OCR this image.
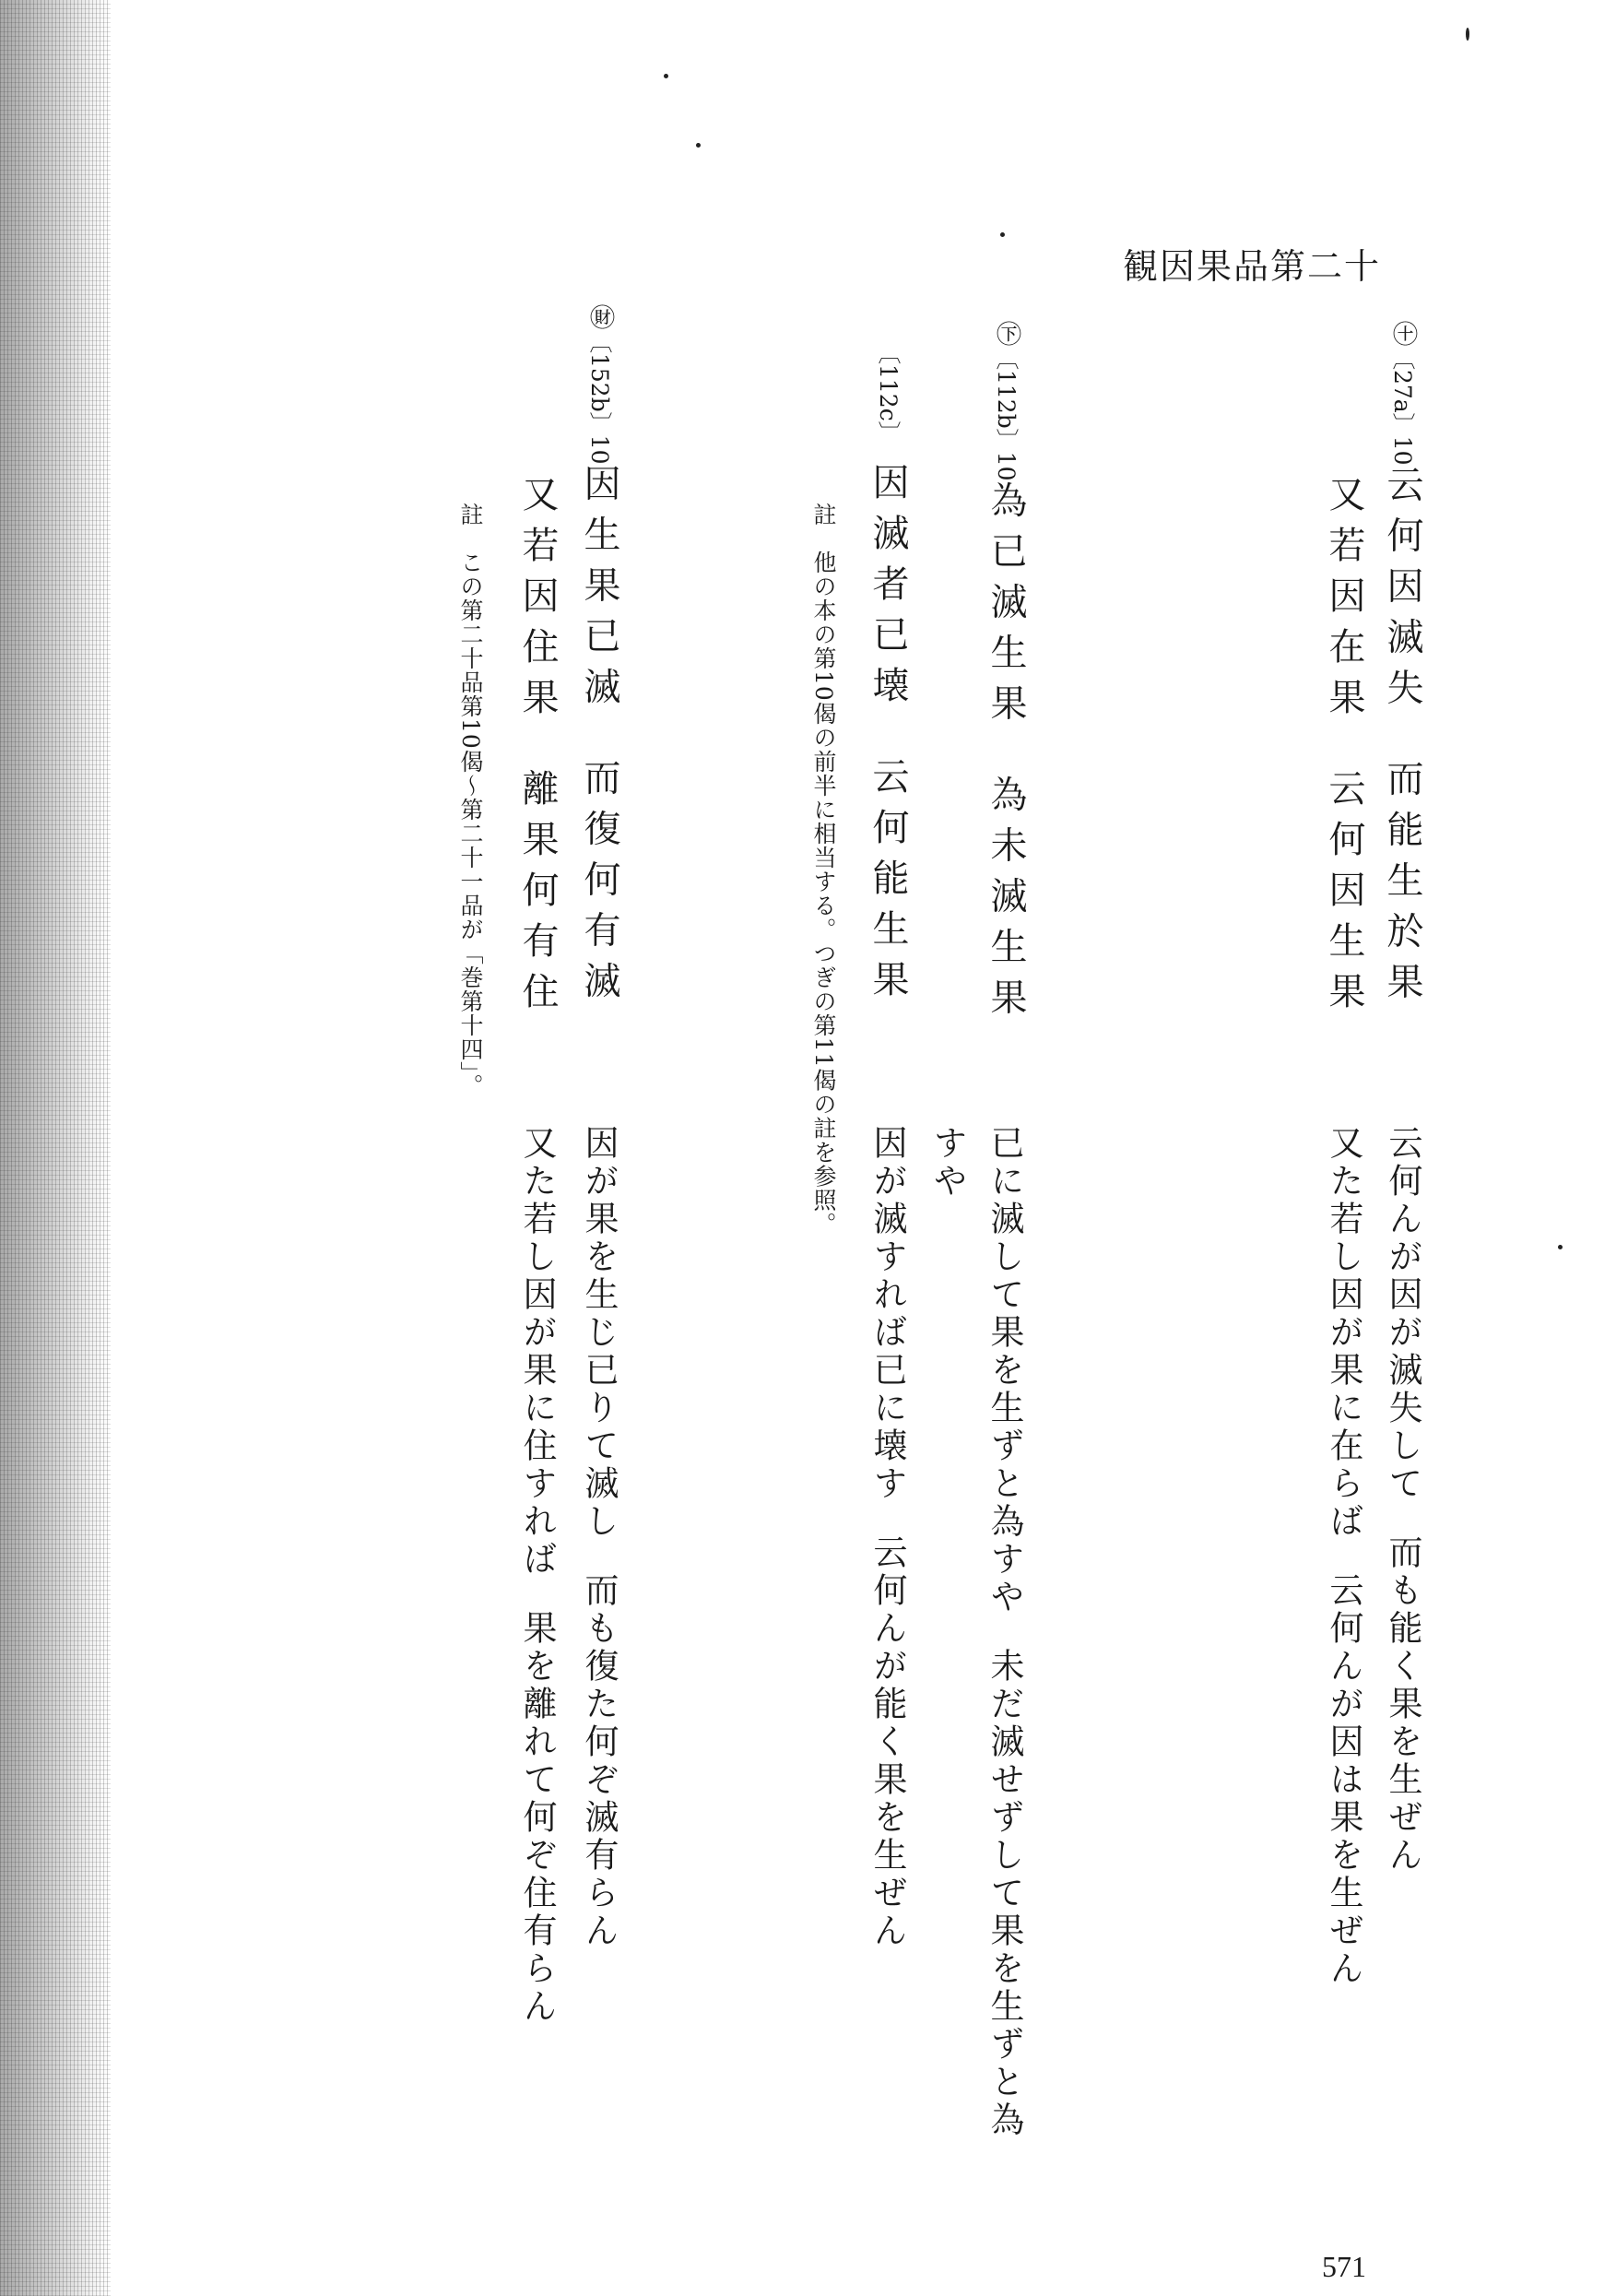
観因果品第二十
㊉〔27a〕10云何因滅失而能生於果
又若因在果云何因生果
云何んが因が滅失して而も能く果を生ぜん
又た若し因が果に在らば云何んが因は果を生ぜん
㊦〔112b〕10為已滅生果為未滅生果
〔112c〕因滅者已壊云何能生果
註　他の本の第10偈の前半に相当する。つぎの第11偈の註を参照。
已に滅して果を生ずと為すや未だ滅せずして果を生ずと為
すや
因が滅すれば已に壊す云何んが能く果を生ぜん
㊖〔152b〕10因生果已滅而復何有滅
又若因住果離果何有住
註　この第二十品第10偈～第二十一品が「巻第十四」。
因が果を生じ已りて滅し而も復た何ぞ滅有らん
又た若し因が果に住すれば果を離れて何ぞ住有らん
571
